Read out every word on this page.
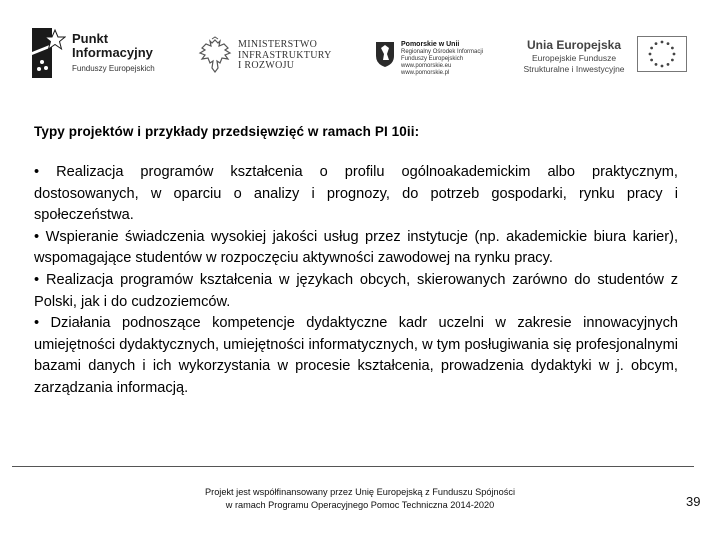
Punkt
Informacyjny
Funduszy Europejskich
MINISTERSTWO
INFRASTRUKTURY
I ROZWOJU
Pomorskie w Unii
Regionalny Ośrodek Informacji
Funduszy Europejskich
www.pomorskie.eu
www.pomorskie.pl
Unia Europejska
Europejskie Fundusze
Strukturalne i Inwestycyjne
Typy projektów i przykłady przedsięwzięć w ramach PI 10ii:

• Realizacja programów kształcenia o profilu ogólnoakademickim albo praktycznym, dostosowanych, w oparciu o analizy i prognozy, do potrzeb gospodarki, rynku pracy i społeczeństwa.

• Wspieranie świadczenia wysokiej jakości usług przez instytucje (np. akademickie biura karier), wspomagające studentów w rozpoczęciu aktywności zawodowej na rynku pracy.

• Realizacja programów kształcenia w językach obcych, skierowanych zarówno do studentów z Polski, jak i do cudzoziemców.

• Działania podnoszące kompetencje dydaktyczne kadr uczelni w zakresie innowacyjnych umiejętności dydaktycznych, umiejętności informatycznych, w tym posługiwania się profesjonalnymi bazami danych i ich wykorzystania w procesie kształcenia, prowadzenia dydaktyki w j. obcym, zarządzania informacją.

Projekt jest współfinansowany przez Unię Europejską z Funduszu Spójności
w ramach Programu Operacyjnego Pomoc Techniczna 2014-2020	39
